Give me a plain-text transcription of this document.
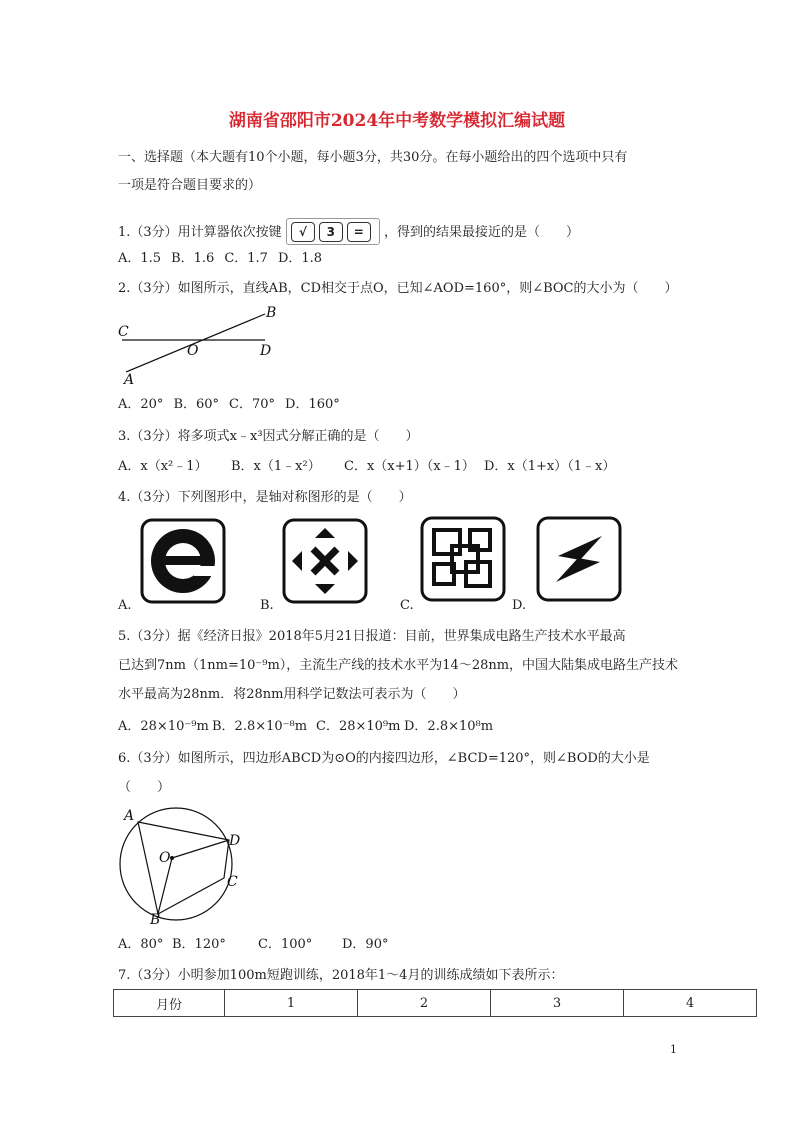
湖南省邵阳市2024年中考数学模拟汇编试题
一、选择题（本大题有10个小题，每小题3分，共30分。在每小题给出的四个选项中只有
一项是符合题目要求的）
1.（3分）用计算器依次按键 √ 3 = ，得到的结果最接近的是（　　）
A．1.5 B．1.6 C．1.7 D．1.8
2.（3分）如图所示，直线AB，CD相交于点O，已知∠AOD=160°，则∠BOC的大小为（　　）
C
B
O	D
A
A．20° B．60° C．70° D．160°
3.（3分）将多项式x﹣x³因式分解正确的是（　　）
A．x（x²﹣1） B．x（1﹣x²） C．x（x+1）（x﹣1） D．x（1+x）（1﹣x）
4.（3分）下列图形中，是轴对称图形的是（　　）
A.	B.	C.	D.
5.（3分）据《经济日报》2018年5月21日报道：目前，世界集成电路生产技术水平最高
已达到7nm（1nm=10⁻⁹m），主流生产线的技术水平为14～28nm，中国大陆集成电路生产技术
水平最高为28nm．将28nm用科学记数法可表示为（　　）
A．28×10⁻⁹m B．2.8×10⁻⁸m C．28×10⁹m D．2.8×10⁸m
6.（3分）如图所示，四边形ABCD为⊙O的内接四边形，∠BCD=120°，则∠BOD的大小是
（　　）
A
D
C
B
O
A．80° B．120° C．100° D．90°
7.（3分）小明参加100m短跑训练，2018年1～4月的训练成绩如下表所示：
月份	1	2	3	4
1
